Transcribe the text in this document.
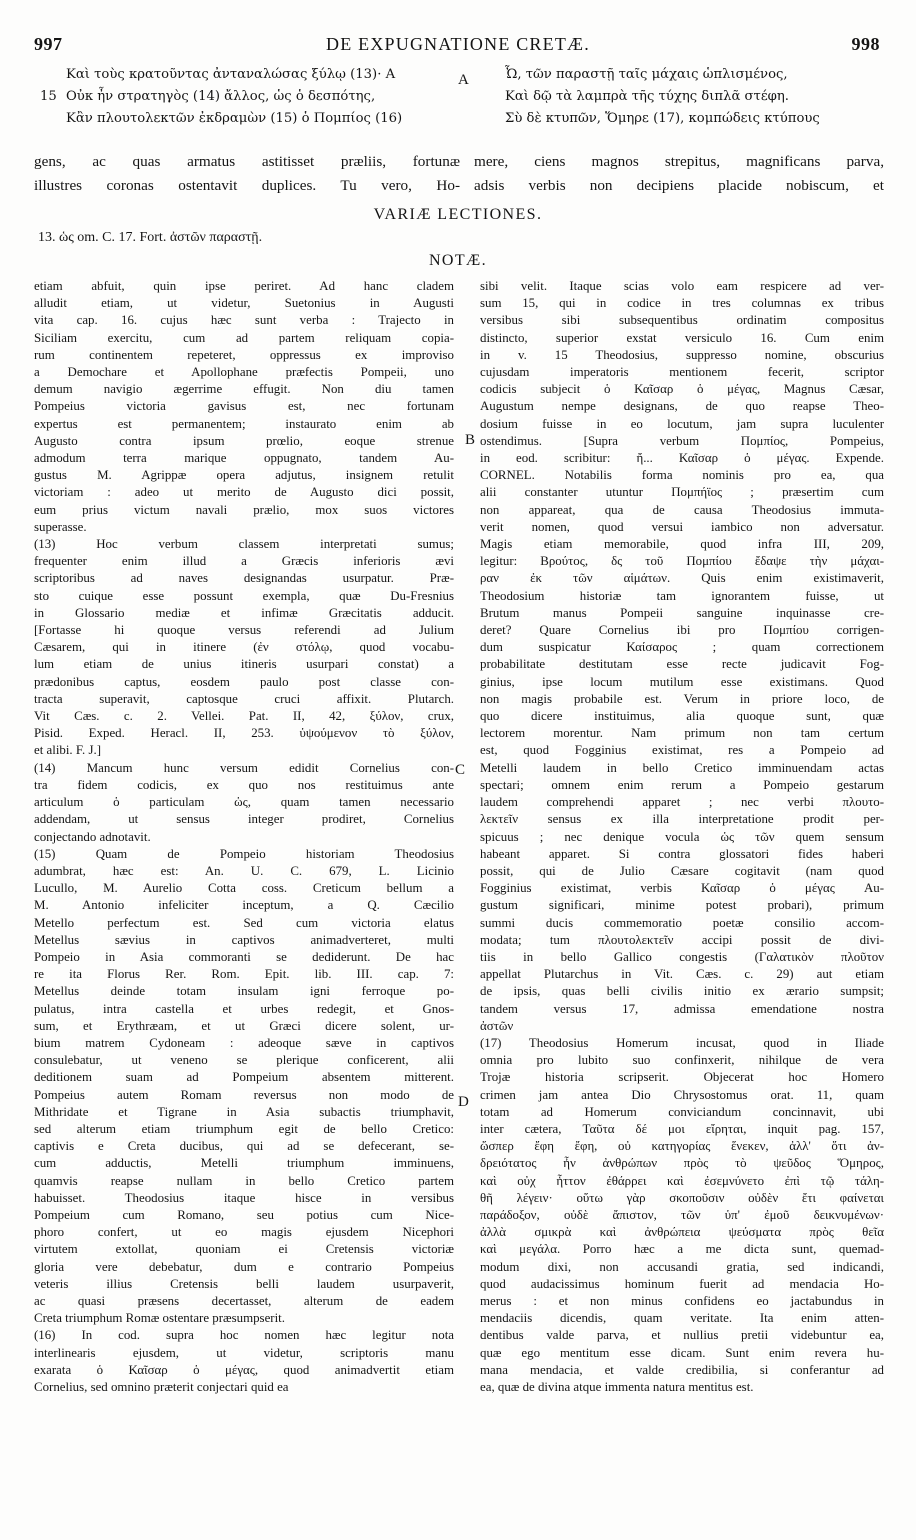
997	DE EXPUGNATIONE CRETÆ.	998
Καὶ τοὺς κρατοῦντας ἀνταναλώσας ξύλῳ (13)· A
15 Οὐκ ἦν στρατηγὸς (14) ἄλλος, ὡς ὁ δεσπότης,
Κἂν πλουτολεκτῶν ἐκδραμὼν (15) ὁ Πομπίος (16)
Ὦ, τῶν παραστῇ ταῖς μάχαις ὡπλισμένος,
Καὶ δῷ τὰ λαμπρὰ τῆς τύχης διπλᾶ στέφη.
Σὺ δὲ κτυπῶν, Ὅμηρε (17), κομπώδεις κτύπους
gens, ac quas armatus astitisset præliis, fortunæ
illustres coronas ostentavit duplices. Tu vero, Ho-
mere, ciens magnos strepitus, magnificans parva,
adsis verbis non decipiens placide nobiscum, et
VARIÆ LECTIONES.
13. ὡς om. C. 17. Fort. ἀστῶν παραστῇ.
NOTÆ.
A
B
C
D
etiam abfuit, quin ipse periret. Ad hanc cladem
alludit etiam, ut videtur, Suetonius in Augusti
vita cap. 16. cujus hæc sunt verba : Trajecto in
Siciliam exercitu, cum ad partem reliquam copia-
rum continentem repeteret, oppressus ex improviso
a Demochare et Apollophane præfectis Pompeii, uno
demum navigio ægerrime effugit. Non diu tamen
Pompeius victoria gavisus est, nec fortunam
expertus est permanentem; instaurato enim ab
Augusto contra ipsum prœlio, eoque strenue
admodum terra marique oppugnato, tandem Au-
gustus M. Agrippæ opera adjutus, insignem retulit
victoriam : adeo ut merito de Augusto dici possit,
eum prius victum navali prælio, mox suos victores
superasse.
(13) Hoc verbum classem interpretati sumus;
frequenter enim illud a Græcis inferioris ævi
scriptoribus ad naves designandas usurpatur. Præ-
sto cuique esse possunt exempla, quæ Du-Fresnius
in Glossario mediæ et infimæ Græcitatis adducit.
[Fortasse hi quoque versus referendi ad Julium
Cæsarem, qui in itinere (ἐν στόλῳ, quod vocabu-
lum etiam de unius itineris usurpari constat) a
prædonibus captus, eosdem paulo post classe con-
tracta superavit, captosque cruci affixit. Plutarch.
Vit Cæs. c. 2. Vellei. Pat. II, 42, ξύλον, crux,
Pisid. Exped. Heracl. II, 253. ὑψούμενον τὸ ξύλον,
et alibi. F. J.]
(14) Mancum hunc versum edidit Cornelius con-
tra fidem codicis, ex quo nos restituimus ante
articulum ὁ particulam ὡς, quam tamen necessario
addendam, ut sensus integer prodiret, Cornelius
conjectando adnotavit.
(15) Quam de Pompeio historiam Theodosius
adumbrat, hæc est: An. U. C. 679, L. Licinio
Lucullo, M. Aurelio Cotta coss. Creticum bellum a
M. Antonio infeliciter inceptum, a Q. Cæcilio
Metello perfectum est. Sed cum victoria elatus
Metellus sævius in captivos animadverteret, multi
Pompeio in Asia commoranti se dediderunt. De hac
re ita Florus Rer. Rom. Epit. lib. III. cap. 7:
Metellus deinde totam insulam igni ferroque po-
pulatus, intra castella et urbes redegit, et Gnos-
sum, et Erythræam, et ut Græci dicere solent, ur-
bium matrem Cydoneam : adeoque sæve in captivos
consulebatur, ut veneno se plerique conficerent, alii
deditionem suam ad Pompeium absentem mitterent.
Pompeius autem Romam reversus non modo de
Mithridate et Tigrane in Asia subactis triumphavit,
sed alterum etiam triumphum egit de bello Cretico:
captivis e Creta ducibus, qui ad se defecerant, se-
cum adductis, Metelli triumphum imminuens,
quamvis reapse nullam in bello Cretico partem
habuisset. Theodosius itaque hisce in versibus
Pompeium cum Romano, seu potius cum Nice-
phoro confert, ut eo magis ejusdem Nicephori
virtutem extollat, quoniam ei Cretensis victoriæ
gloria vere debebatur, dum e contrario Pompeius
veteris illius Cretensis belli laudem usurpaverit,
ac quasi præsens decertasset, alterum de eadem
Creta triumphum Romæ ostentare præsumpserit.
(16) In cod. supra hoc nomen hæc legitur nota
interlinearis ejusdem, ut videtur, scriptoris manu
exarata ὁ Καῖσαρ ὁ μέγας, quod animadvertit etiam
Cornelius, sed omnino præterit conjectari quid ea
sibi velit. Itaque scias volo eam respicere ad ver-
sum 15, qui in codice in tres columnas ex tribus
versibus sibi subsequentibus ordinatim compositus
distincto, superior exstat versiculo 16. Cum enim
in v. 15 Theodosius, suppresso nomine, obscurius
cujusdam imperatoris mentionem fecerit, scriptor
codicis subjecit ὁ Καῖσαρ ὁ μέγας, Magnus Cæsar,
Augustum nempe designans, de quo reapse Theo-
dosium fuisse in eo locutum, jam supra luculenter
ostendimus. [Supra verbum Πομπίος, Pompeius,
in eod. scribitur: ἤ... Καῖσαρ ὁ μέγας. Expende.
CORNEL. Notabilis forma nominis pro ea, qua
alii constanter utuntur Πομπήϊος ; præsertim cum
non appareat, qua de causa Theodosius immuta-
verit nomen, quod versui iambico non adversatur.
Magis etiam memorabile, quod infra III, 209,
legitur: Βρούτος, δς τοῦ Πομπίου ἔδαψε τὴν μάχαι-
ραν ἐκ τῶν αἱμάτων. Quis enim existimaverit,
Theodosium historiæ tam ignorantem fuisse, ut
Brutum manus Pompeii sanguine inquinasse cre-
deret? Quare Cornelius ibi pro Πομπίου corrigen-
dum suspicatur Καίσαρος ; quam correctionem
probabilitate destitutam esse recte judicavit Fog-
ginius, ipse locum mutilum esse existimans. Quod
non magis probabile est. Verum in priore loco, de
quo dicere instituimus, alia quoque sunt, quæ
lectorem morentur. Nam primum non tam certum
est, quod Fogginius existimat, res a Pompeio ad
Metelli laudem in bello Cretico imminuendam actas
spectari; omnem enim rerum a Pompeio gestarum
laudem comprehendi apparet ; nec verbi πλουτο-
λεκτεῖν sensus ex illa interpretatione prodit per-
spicuus ; nec denique vocula ὡς τῶν quem sensum
habeant apparet. Si contra glossatori fides haberi
possit, qui de Julio Cæsare cogitavit (nam quod
Fogginius existimat, verbis Καῖσαρ ὁ μέγας Au-
gustum significari, minime potest probari), primum
summi ducis commemoratio poetæ consilio accom-
modata; tum πλουτολεκτεῖν accipi possit de divi-
tiis in bello Gallico congestis (Γαλατικὸν πλοῦτον
appellat Plutarchus in Vit. Cæs. c. 29) aut etiam
de ipsis, quas belli civilis initio ex ærario sumpsit;
tandem versus 17, admissa emendatione nostra
ἀστῶν
(17) Theodosius Homerum incusat, quod in Iliade
omnia pro lubito suo confinxerit, nihilque de vera
Trojæ historia scripserit. Objecerat hoc Homero
crimen jam antea Dio Chrysostomus orat. 11, quam
totam ad Homerum conviciandum concinnavit, ubi
inter cætera, Ταῦτα δέ μοι εἴρηται, inquit pag. 157,
ὥσπερ ἔφη ἔφη, οὐ κατηγορίας ἕνεκεν, ἀλλ' ὅτι ἀν-
δρειότατος ἦν ἀνθρώπων πρὸς τὸ ψεῦδος Ὅμηρος,
καὶ οὐχ ἧττον ἐθάρρει καὶ ἐσεμνύνετο ἐπὶ τῷ τάλη-
θῆ λέγειν· οὕτω γὰρ σκοποῦσιν οὐδὲν ἔτι φαίνεται
παράδοξον, οὐδὲ ἄπιστον, τῶν ὑπ' ἐμοῦ δεικνυμένων·
ἀλλὰ σμικρὰ καὶ ἀνθρώπεια ψεύσματα πρὸς θεῖα
καὶ μεγάλα. Porro hæc a me dicta sunt, quemad-
modum dixi, non accusandi gratia, sed indicandi,
quod audacissimus hominum fuerit ad mendacia Ho-
merus : et non minus confidens eo jactabundus in
mendaciis dicendis, quam veritate. Ita enim atten-
dentibus valde parva, et nullius pretii videbuntur ea,
quæ ego mentitum esse dicam. Sunt enim revera hu-
mana mendacia, et valde credibilia, si conferantur ad
ea, quæ de divina atque immenta natura mentitus est.
